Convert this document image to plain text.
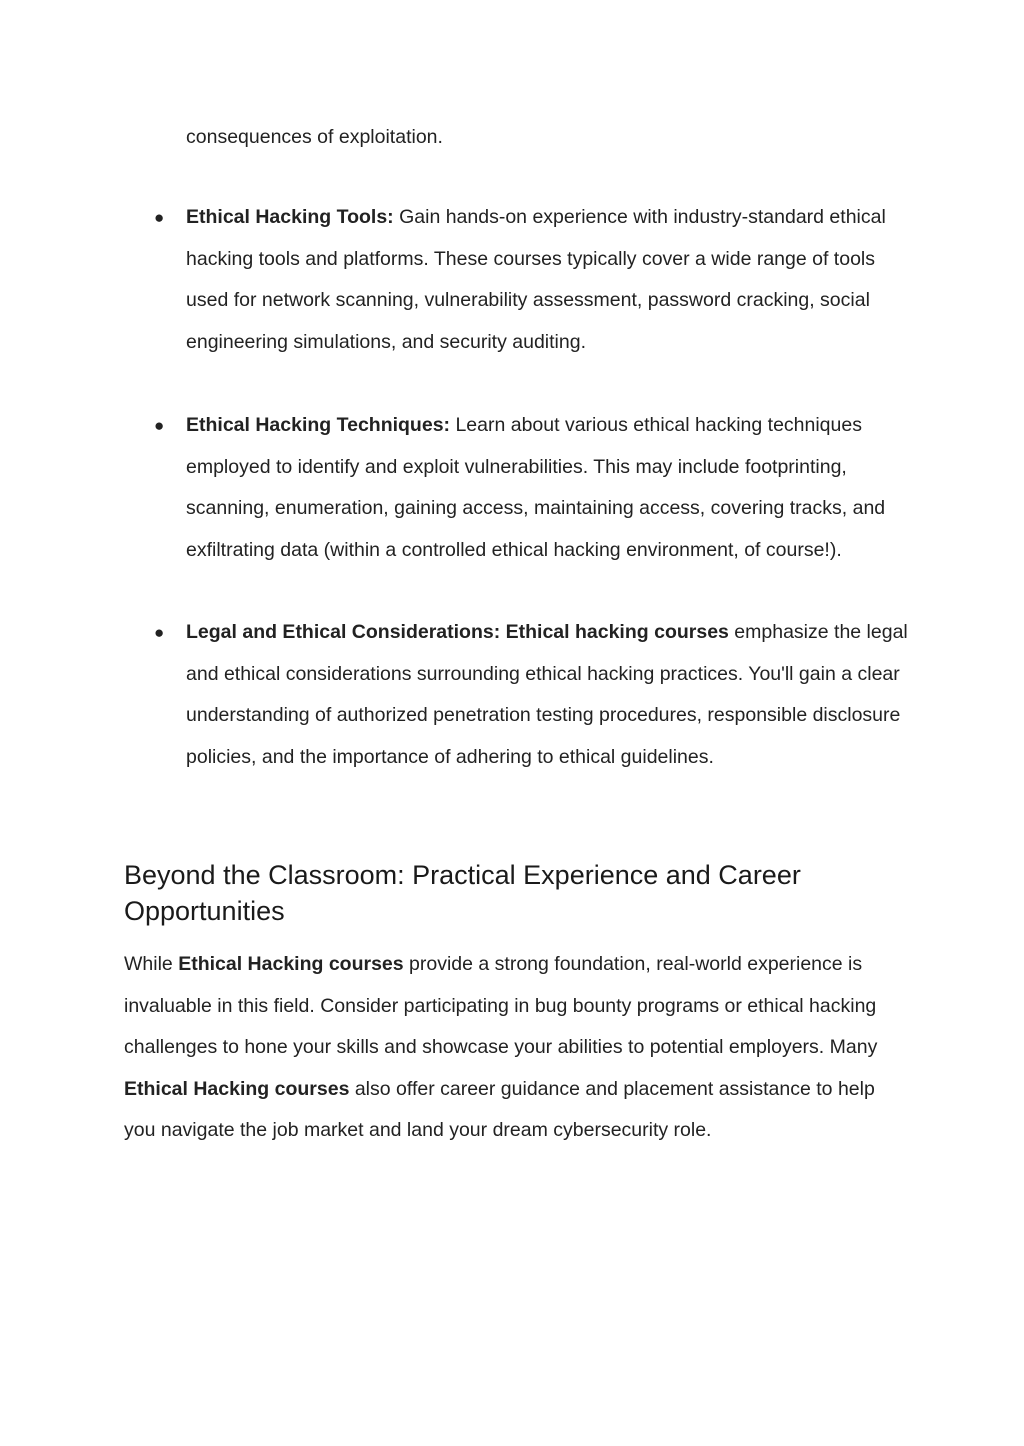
consequences of exploitation.

● Ethical Hacking Tools: Gain hands-on experience with industry-standard ethical hacking tools and platforms. These courses typically cover a wide range of tools used for network scanning, vulnerability assessment, password cracking, social engineering simulations, and security auditing.
● Ethical Hacking Techniques: Learn about various ethical hacking techniques employed to identify and exploit vulnerabilities. This may include footprinting, scanning, enumeration, gaining access, maintaining access, covering tracks, and exfiltrating data (within a controlled ethical hacking environment, of course!).
● Legal and Ethical Considerations: Ethical hacking courses emphasize the legal and ethical considerations surrounding ethical hacking practices. You'll gain a clear understanding of authorized penetration testing procedures, responsible disclosure policies, and the importance of adhering to ethical guidelines.
Beyond the Classroom: Practical Experience and Career Opportunities

While Ethical Hacking courses provide a strong foundation, real-world experience is invaluable in this field. Consider participating in bug bounty programs or ethical hacking challenges to hone your skills and showcase your abilities to potential employers. Many Ethical Hacking courses also offer career guidance and placement assistance to help you navigate the job market and land your dream cybersecurity role.
